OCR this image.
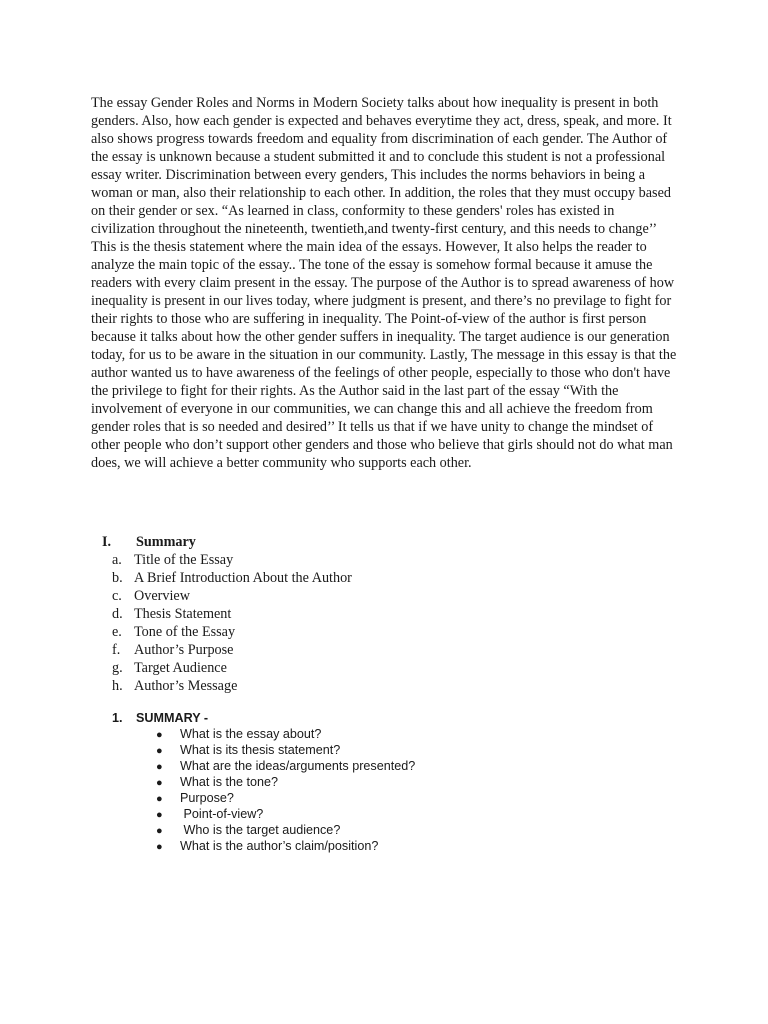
The essay Gender Roles and Norms in Modern Society talks about how inequality is present in both genders. Also, how each gender is expected and behaves everytime they act, dress, speak, and more. It also shows progress towards freedom and equality from discrimination of each gender. The Author of the essay is unknown because a student submitted it and to conclude this student is not a professional essay writer. Discrimination between every genders, This includes the norms behaviors in being a woman or man, also their relationship to each other. In addition, the roles that they must occupy based on their gender or sex. “As learned in class, conformity to these genders' roles has existed in civilization throughout the nineteenth, twentieth,and twenty-first century, and this needs to change’’ This is the thesis statement where the main idea of the essays. However, It also helps the reader to analyze the main topic of the essay.. The tone of the essay is somehow formal because it amuse the readers with every claim present in the essay. The purpose of the Author is to spread awareness of how inequality is present in our lives today, where judgment is present, and there’s no previlage to fight for their rights to those who are suffering in inequality. The Point-of-view of the author is first person because it talks about how the other gender suffers in inequality. The target audience is our generation today, for us to be aware in the situation in our community. Lastly, The message in this essay is that the author wanted us to have awareness of the feelings of other people, especially to those who don't have the privilege to fight for their rights. As the Author said in the last part of the essay “With the involvement of everyone in our communities, we can change this and all achieve the freedom from gender roles that is so needed and desired’’ It tells us that if we have unity to change the mindset of other people who don’t support other genders and those who believe that girls should not do what man does, we will achieve a better community who supports each other.

I.	Summary
a. Title of the Essay
b. A Brief Introduction About the Author
c. Overview
d. Thesis Statement
e. Tone of the Essay
f. Author’s Purpose
g. Target Audience
h. Author’s Message
1.	SUMMARY -
●	What is the essay about?
●	What is its thesis statement?
●	What are the ideas/arguments presented?
●	What is the tone?
●	Purpose?
●	Point-of-view?
●	Who is the target audience?
●	What is the author’s claim/position?
